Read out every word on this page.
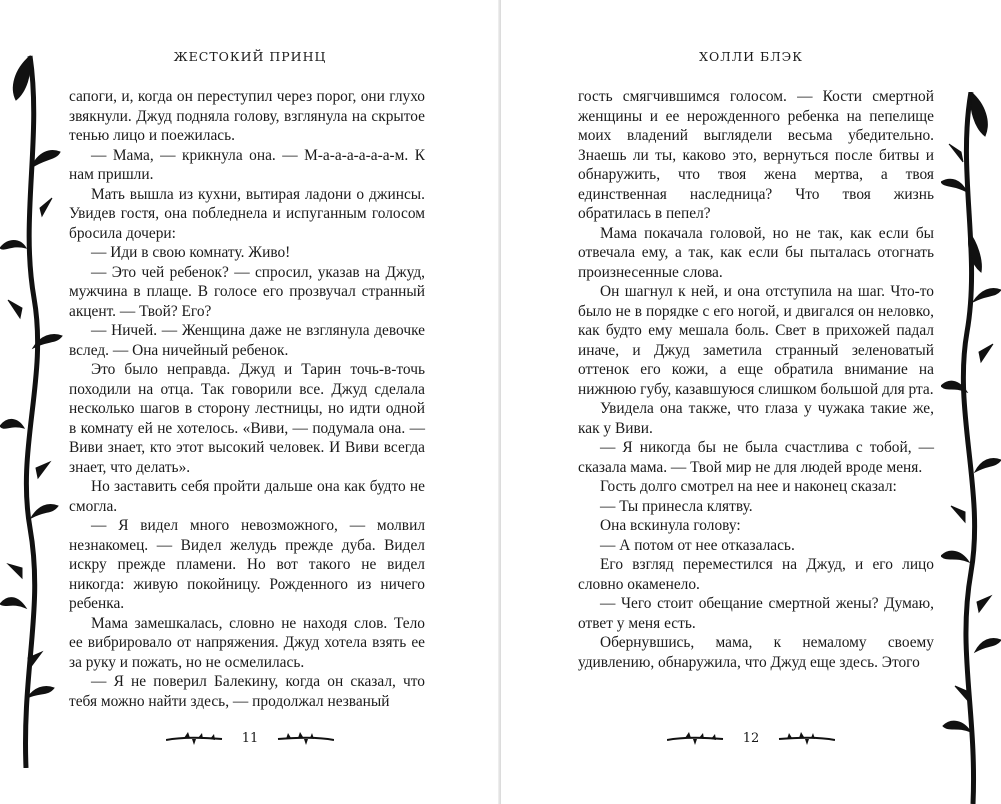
ЖЕСТОКИЙ ПРИНЦ

сапоги, и, когда он переступил через порог, они глухо звякнули. Джуд подняла голову, взглянула на скрытое тенью лицо и поежилась.

— Мама, — крикнула она. — М-а-а-а-а-а-а-м. К нам пришли.

Мать вышла из кухни, вытирая ладони о джинсы. Увидев гостя, она побледнела и испуганным голосом бросила дочери:

— Иди в свою комнату. Живо!

— Это чей ребенок? — спросил, указав на Джуд, мужчина в плаще. В голосе его прозвучал странный акцент. — Твой? Его?

— Ничей. — Женщина даже не взглянула девочке вслед. — Она ничейный ребенок.

Это было неправда. Джуд и Тарин точь-в-точь походили на отца. Так говорили все. Джуд сделала несколько шагов в сторону лестницы, но идти одной в комнату ей не хотелось. «Виви, — подумала она. — Виви знает, кто этот высокий человек. И Виви всегда знает, что делать».

Но заставить себя пройти дальше она как будто не смогла.

— Я видел много невозможного, — молвил незнакомец. — Видел желудь прежде дуба. Видел искру прежде пламени. Но вот такого не видел никогда: живую покойницу. Рожденного из ничего ребенка.

Мама замешкалась, словно не находя слов. Тело ее вибрировало от напряжения. Джуд хотела взять ее за руку и пожать, но не осмелилась.

— Я не поверил Балекину, когда он сказал, что тебя можно найти здесь, — продолжал незваный

11
ХОЛЛИ БЛЭК

гость смягчившимся голосом. — Кости смертной женщины и ее нерожденного ребенка на пепелище моих владений выглядели весьма убедительно. Знаешь ли ты, каково это, вернуться после битвы и обнаружить, что твоя жена мертва, а твоя единственная наследница? Что твоя жизнь обратилась в пепел?

Мама покачала головой, но не так, как если бы отвечала ему, а так, как если бы пыталась отогнать произнесенные слова.

Он шагнул к ней, и она отступила на шаг. Что-то было не в порядке с его ногой, и двигался он неловко, как будто ему мешала боль. Свет в прихожей падал иначе, и Джуд заметила странный зеленоватый оттенок его кожи, а еще обратила внимание на нижнюю губу, казавшуюся слишком большой для рта.

Увидела она также, что глаза у чужака такие же, как у Виви.

— Я никогда бы не была счастлива с тобой, — сказала мама. — Твой мир не для людей вроде меня.

Гость долго смотрел на нее и наконец сказал:

— Ты принесла клятву.

Она вскинула голову:

— А потом от нее отказалась.

Его взгляд переместился на Джуд, и его лицо словно окаменело.

— Чего стоит обещание смертной жены? Думаю, ответ у меня есть.

Обернувшись, мама, к немалому своему удивлению, обнаружила, что Джуд еще здесь. Этого

12
